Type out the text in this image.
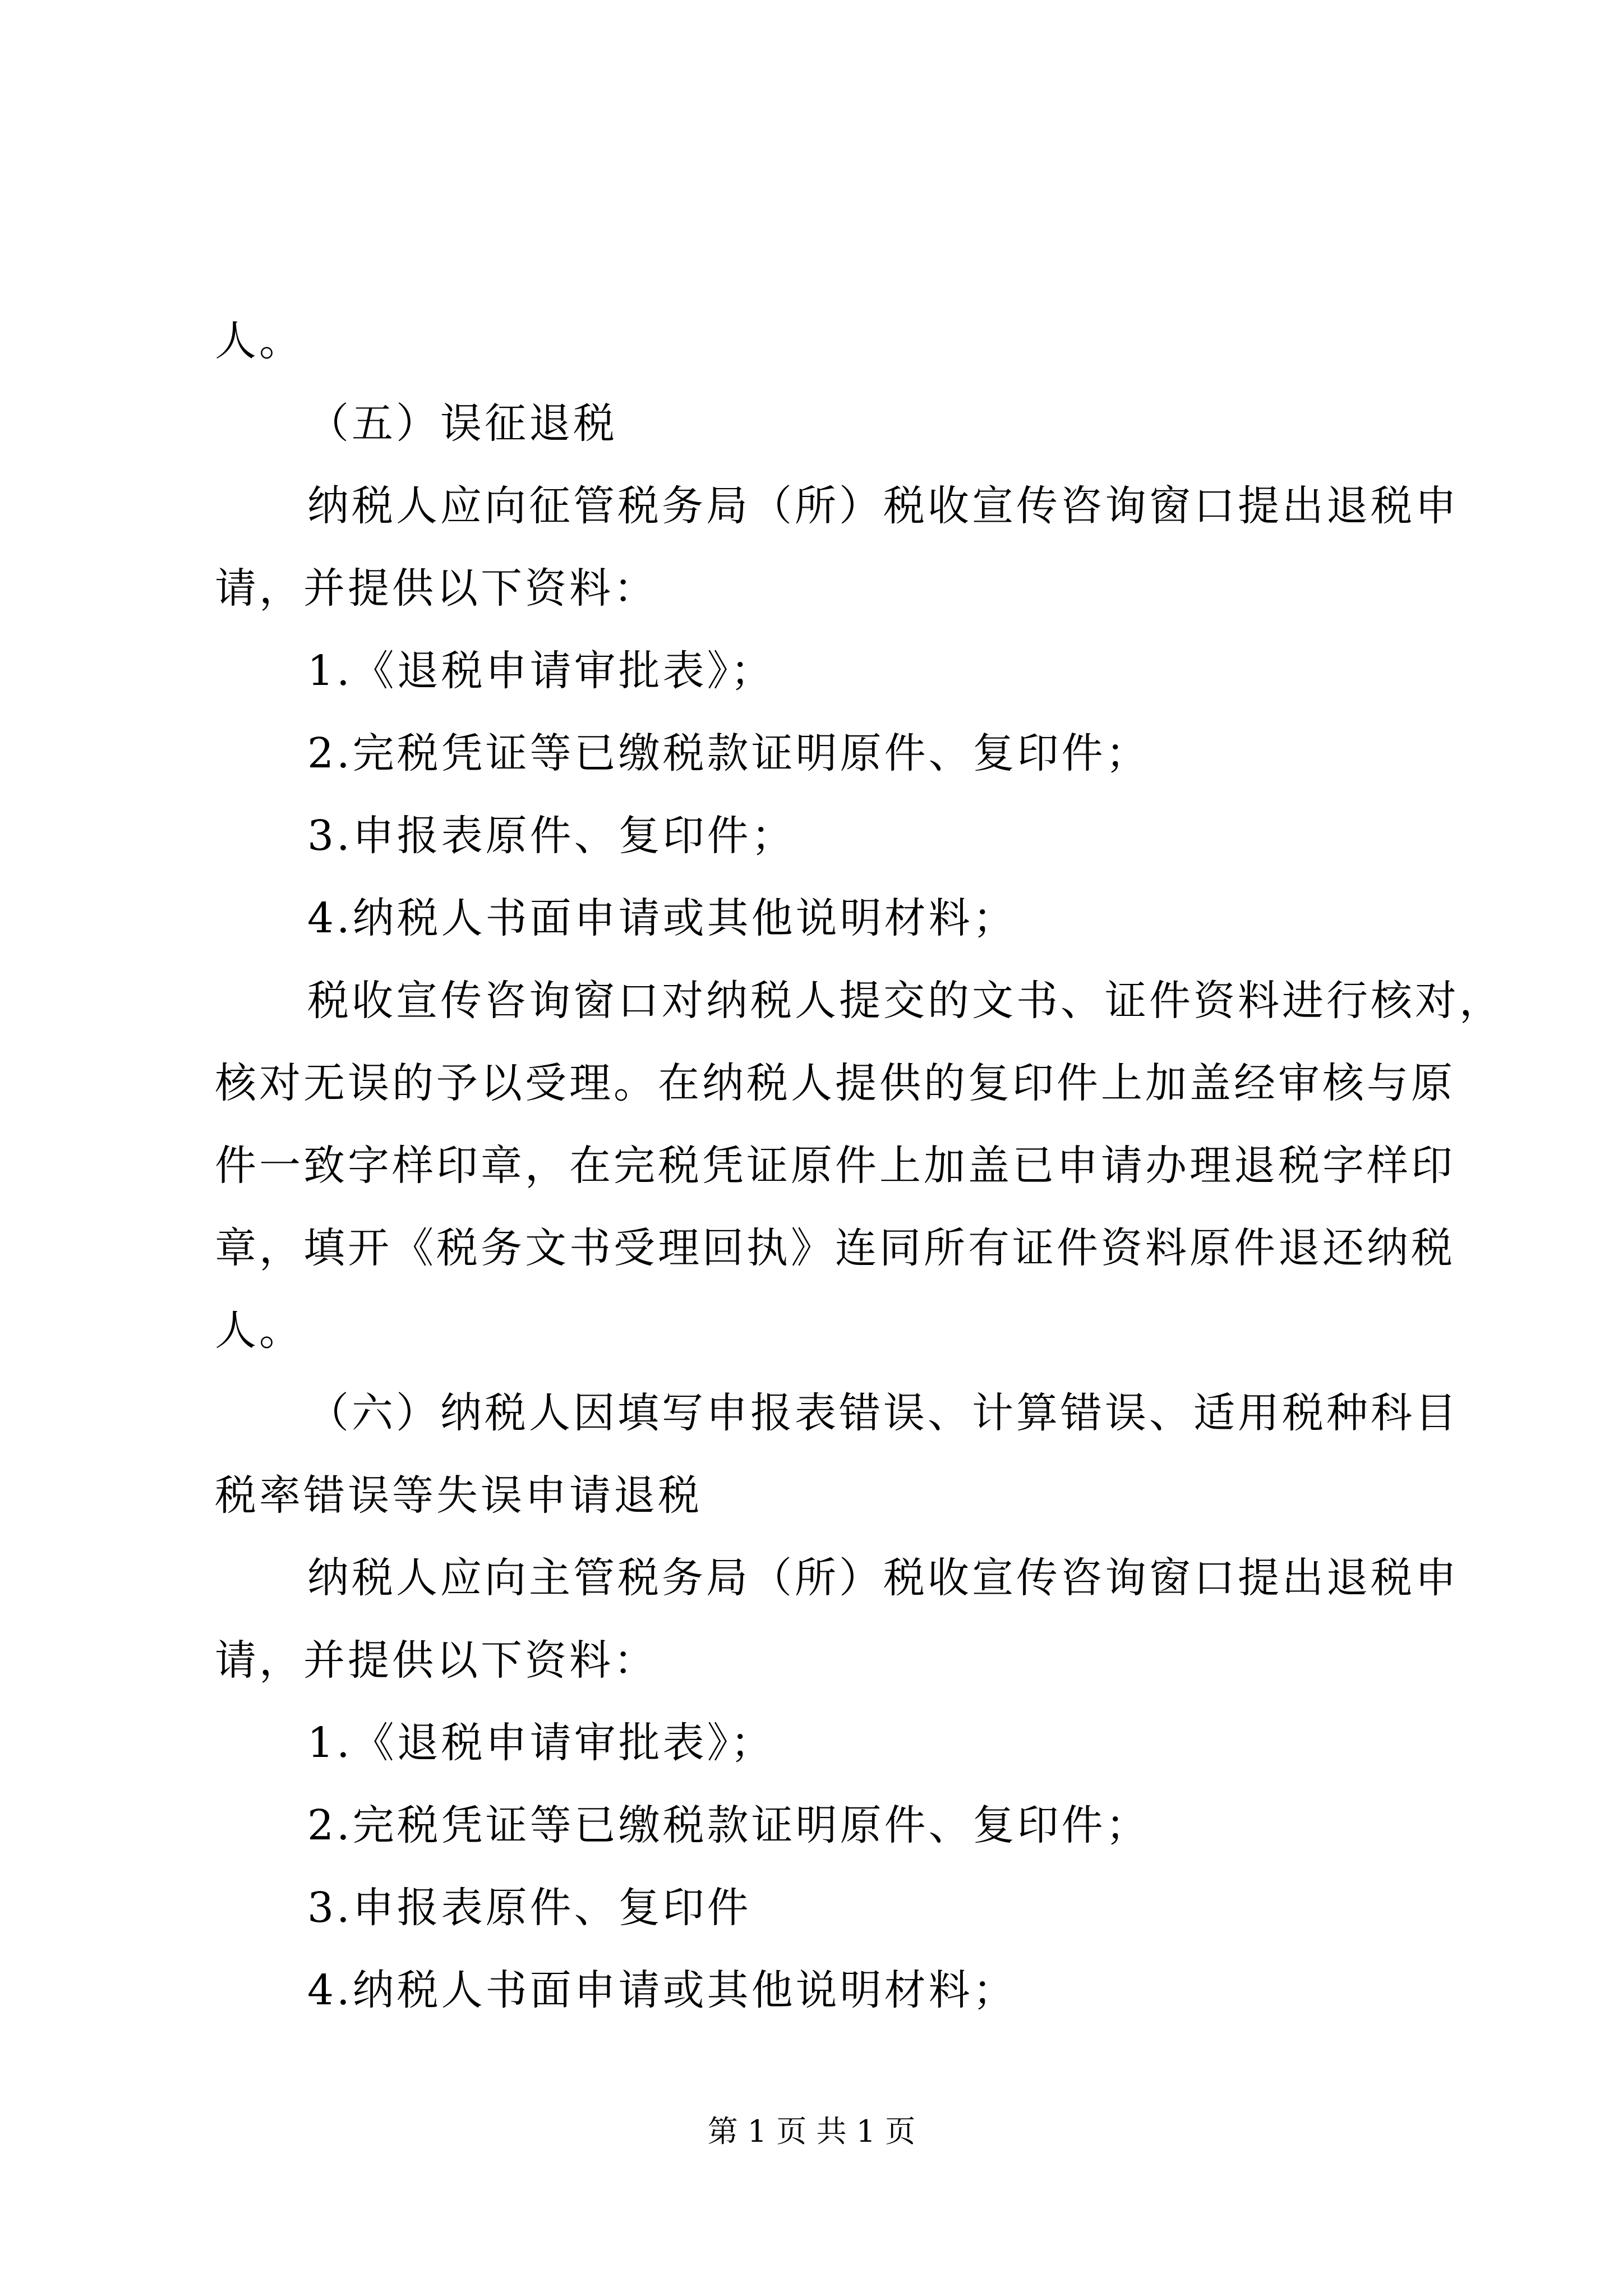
人。
（五）误征退税
纳税人应向征管税务局（所）税收宣传咨询窗口提出退税申
请，并提供以下资料：
1.《退税申请审批表》；
2.完税凭证等已缴税款证明原件、复印件；
3.申报表原件、复印件；
4.纳税人书面申请或其他说明材料；
税收宣传咨询窗口对纳税人提交的文书、证件资料进行核对，
核对无误的予以受理。在纳税人提供的复印件上加盖经审核与原
件一致字样印章，在完税凭证原件上加盖已申请办理退税字样印
章，填开《税务文书受理回执》连同所有证件资料原件退还纳税
人。
（六）纳税人因填写申报表错误、计算错误、适用税种科目
税率错误等失误申请退税
纳税人应向主管税务局（所）税收宣传咨询窗口提出退税申
请，并提供以下资料：
1.《退税申请审批表》；
2.完税凭证等已缴税款证明原件、复印件；
3.申报表原件、复印件
4.纳税人书面申请或其他说明材料；
第 1 页 共 1 页
